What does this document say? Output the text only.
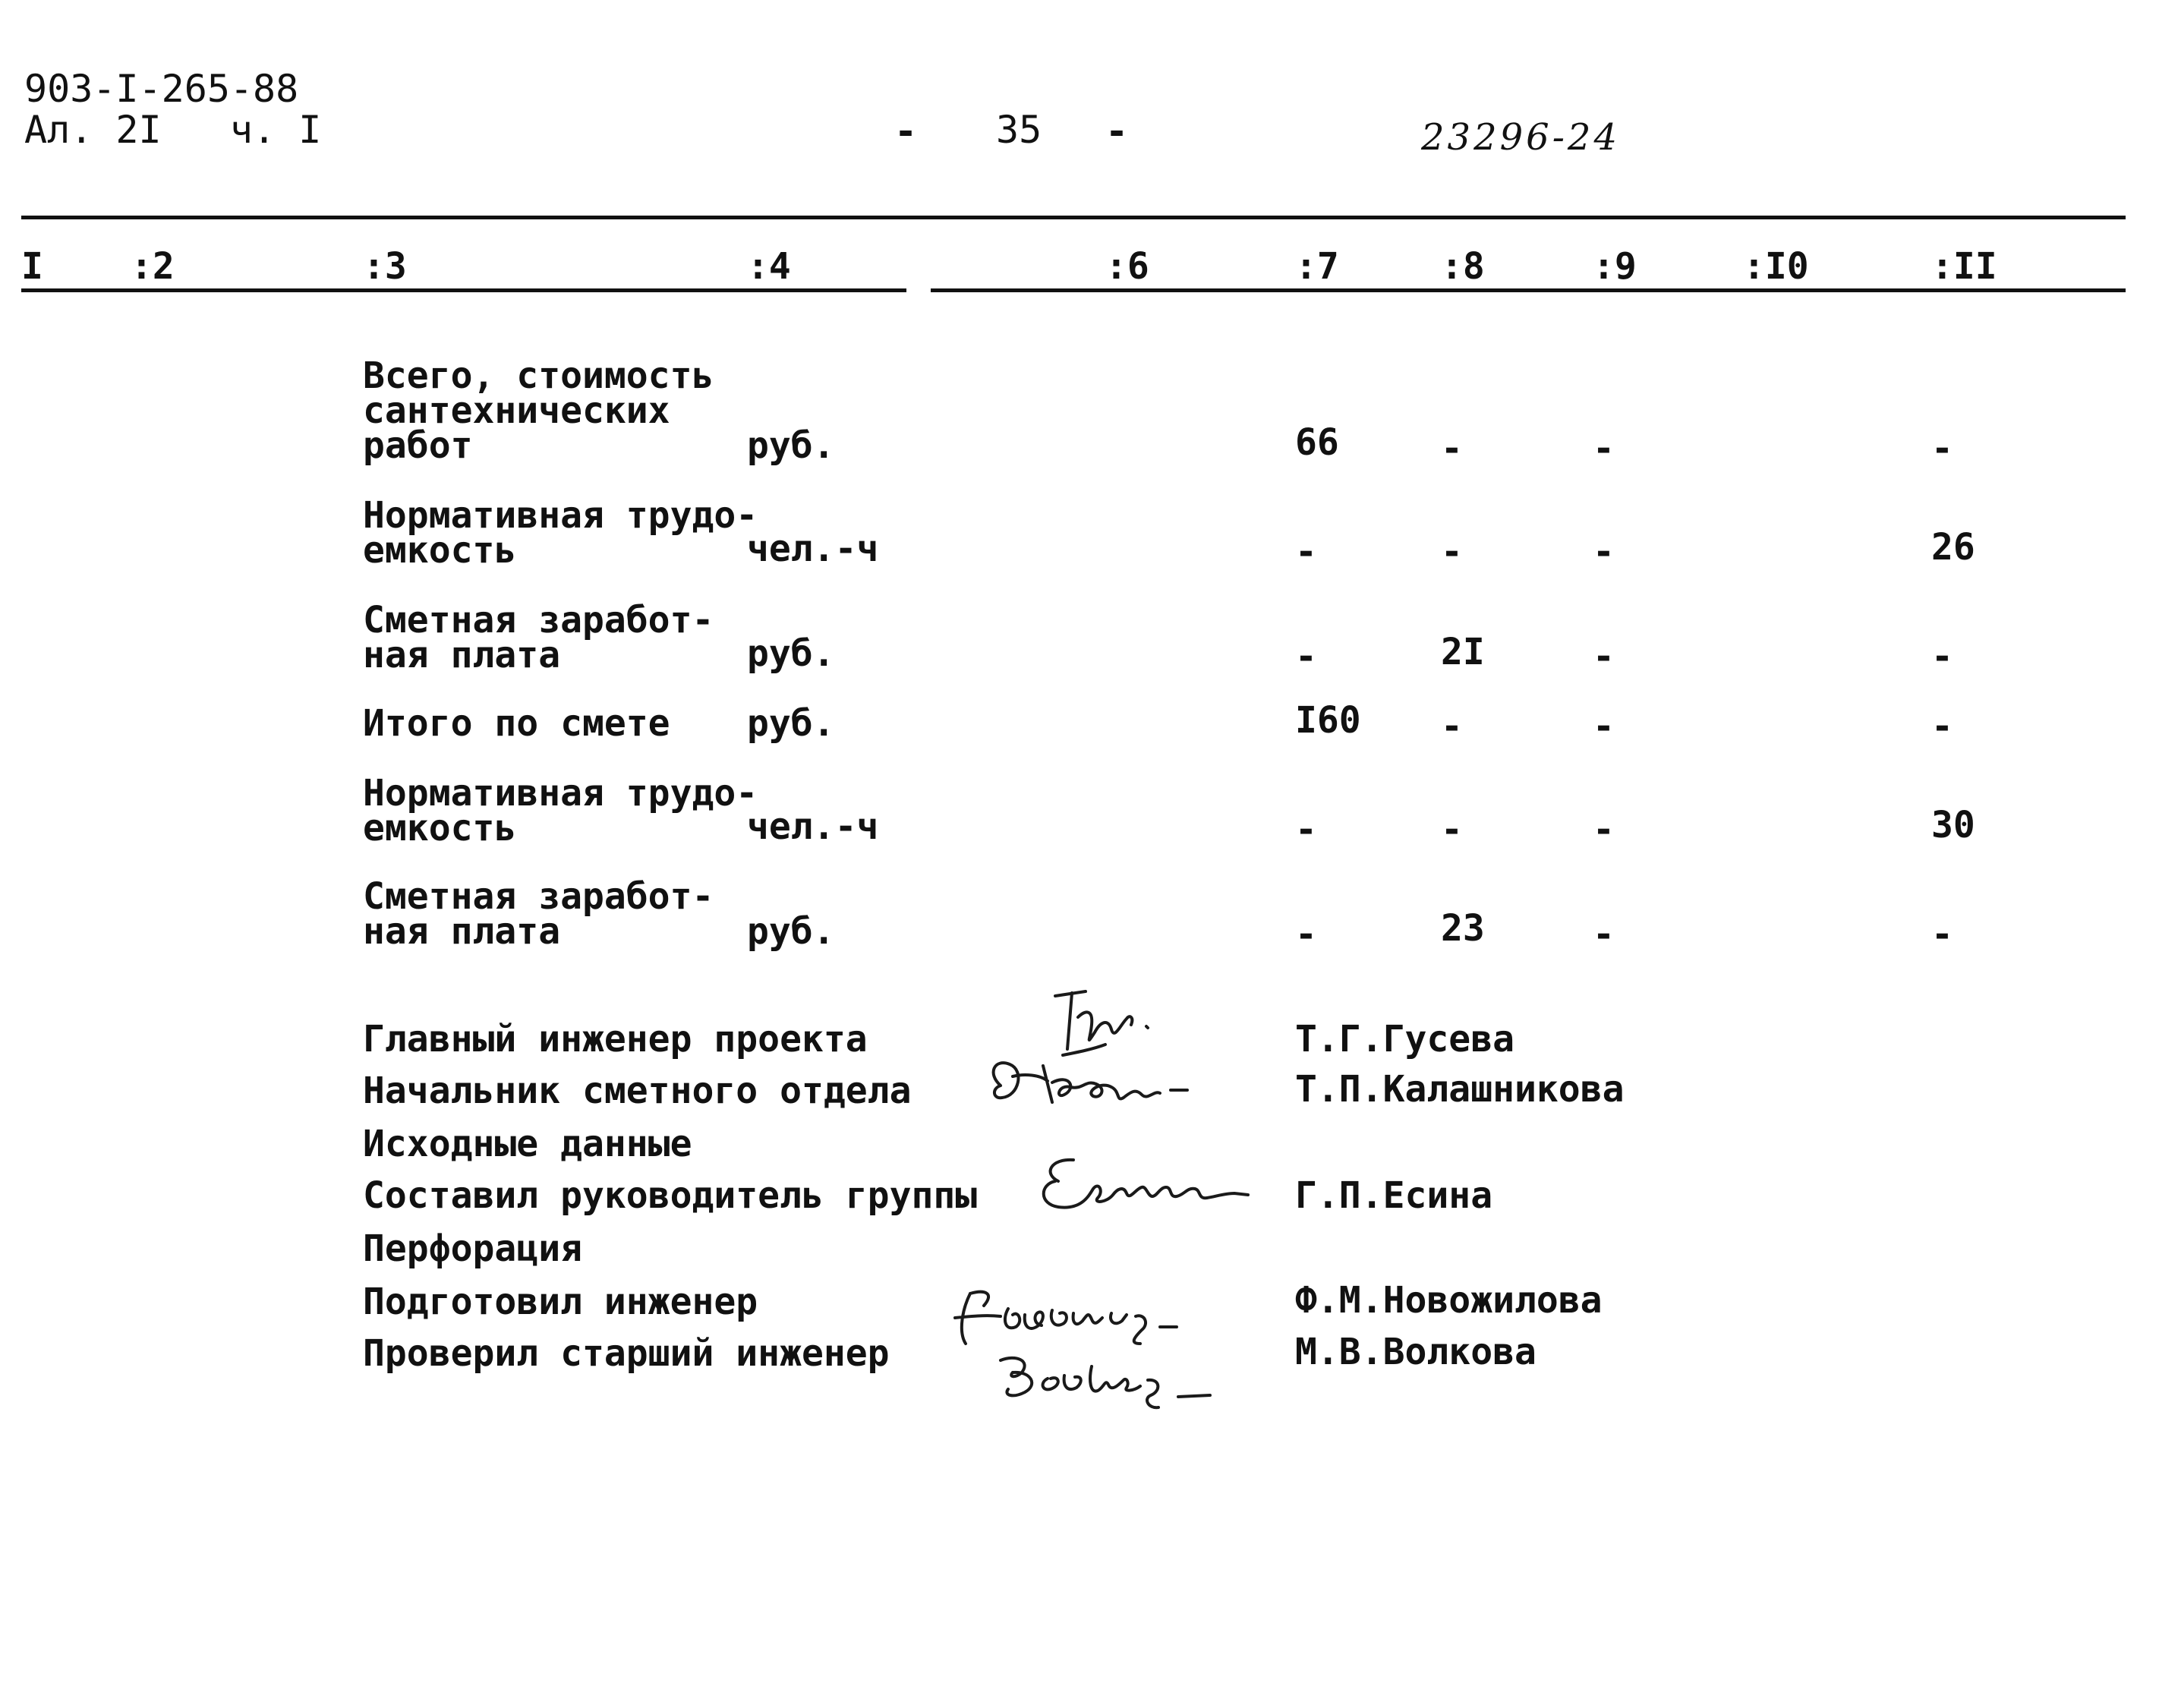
903-I-265-88
Ал. 2I   ч. I	- 35 -	23296-24
I :2	:3	:4	:6	:7	:8	:9	:I0	:II
Всего, стоимость
сантехнических
работ	руб.	66	-	-	-
Нормативная трудо-
емкость	чел.-ч	-	-	-	26
Сметная заработ-
ная плата	руб.	-	2I	-	-
Итого по смете руб.	I60 -	-	-
Нормативная трудо-
емкость	чел.-ч	-	-	-	30
Сметная заработ-
ная плата	руб.	-	23	-	-
Главный инженер проекта	Т.Г.Гусева
Начальник сметного отдела	Т.П.Калашникова
Исходные данные
Составил руководитель группы	Г.П.Есина
Перфорация
Подготовил инженер	Ф.М.Новожилова
Проверил старший инженер	М.В.Волкова
